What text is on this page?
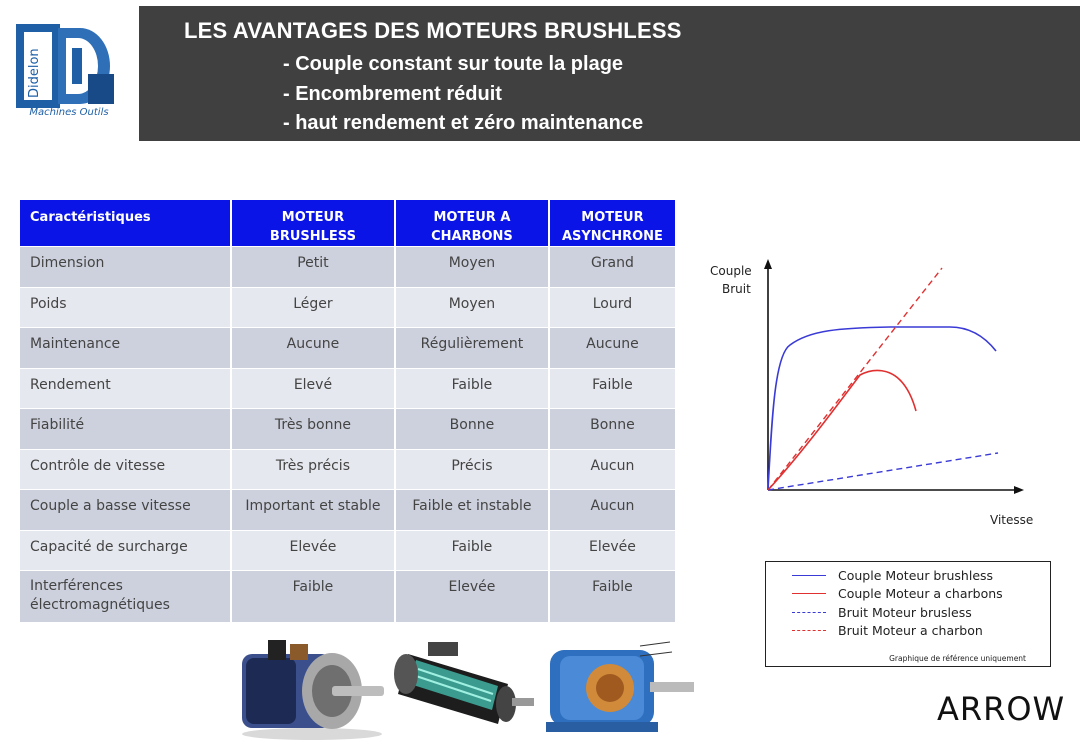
Didelon
Machines Outils
LES AVANTAGES DES MOTEURS BRUSHLESS
- Couple constant sur toute la plage
- Encombrement réduit
- haut rendement et zéro maintenance
Caractéristiques	MOTEUR BRUSHLESS	MOTEUR A CHARBONS	MOTEUR ASYNCHRONE
Dimension	Petit	Moyen	Grand
Poids	Léger	Moyen	Lourd
Maintenance	Aucune	Régulièrement	Aucune
Rendement	Elevé	Faible	Faible
Fiabilité	Très bonne	Bonne	Bonne
Contrôle de vitesse	Très précis	Précis	Aucun
Couple a basse vitesse	Important et stable	Faible et instable	Aucun
Capacité de surcharge	Elevée	Faible	Elevée
Interférences électromagnétiques	Faible	Elevée	Faible
Couple
Bruit
Vitesse
Couple Moteur brushless
Couple Moteur a charbons
Bruit Moteur brusless
Bruit Moteur a charbon
Graphique de référence uniquement
ARROW
